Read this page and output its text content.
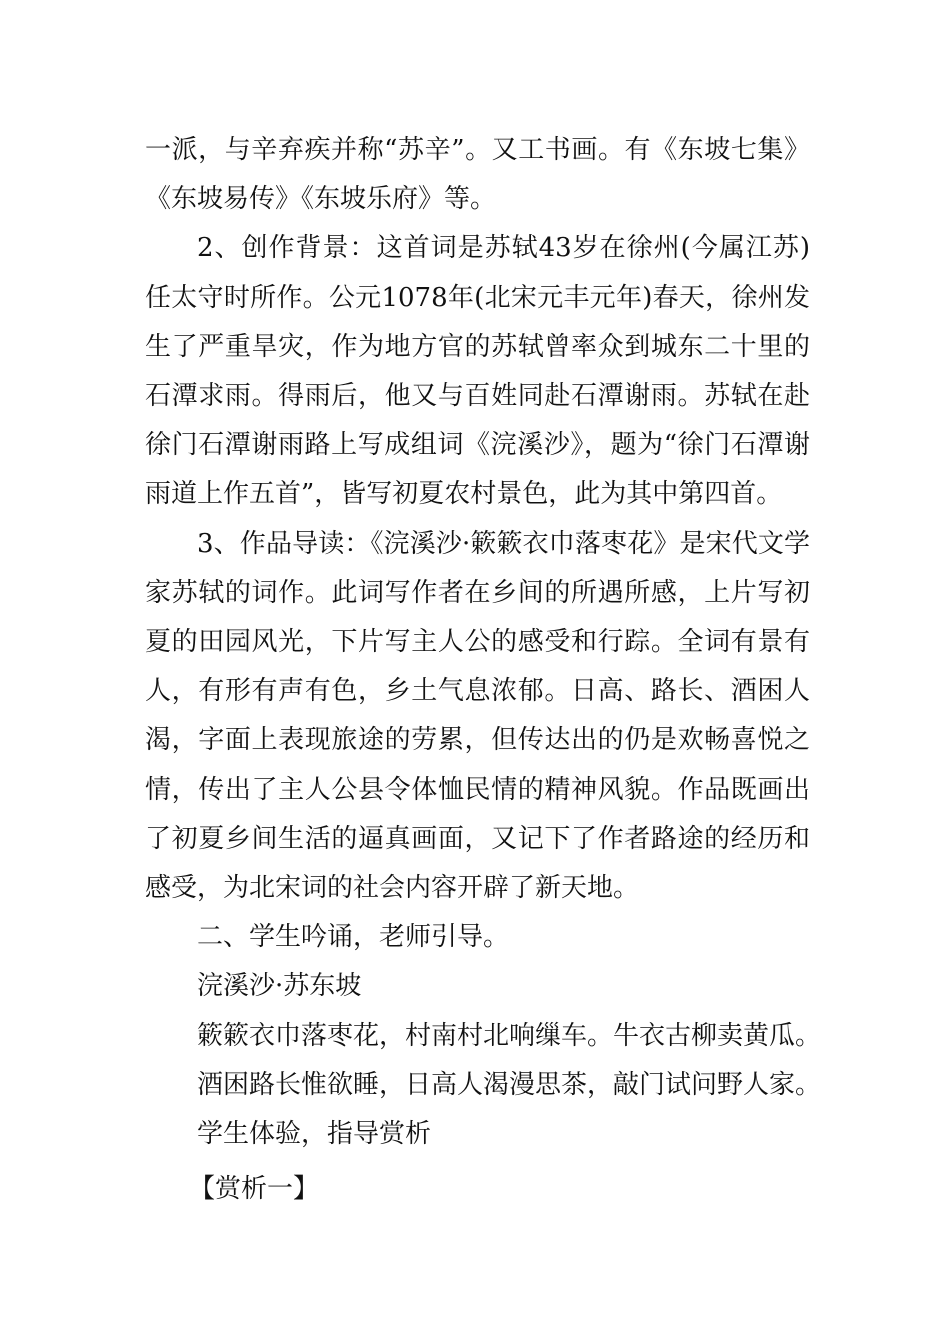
一派，与辛弃疾并称“苏辛”。又工书画。有《东坡七集》《东坡易传》《东坡乐府》等。

2、创作背景：这首词是苏轼43岁在徐州(今属江苏)任太守时所作。公元1078年(北宋元丰元年)春天，徐州发生了严重旱灾，作为地方官的苏轼曾率众到城东二十里的石潭求雨。得雨后，他又与百姓同赴石潭谢雨。苏轼在赴徐门石潭谢雨路上写成组词《浣溪沙》，题为“徐门石潭谢雨道上作五首”，皆写初夏农村景色，此为其中第四首。

3、作品导读：《浣溪沙·簌簌衣巾落枣花》是宋代文学家苏轼的词作。此词写作者在乡间的所遇所感，上片写初夏的田园风光，下片写主人公的感受和行踪。全词有景有人，有形有声有色，乡土气息浓郁。日高、路长、酒困人渴，字面上表现旅途的劳累，但传达出的仍是欢畅喜悦之情，传出了主人公县令体恤民情的精神风貌。作品既画出了初夏乡间生活的逼真画面，又记下了作者路途的经历和感受，为北宋词的社会内容开辟了新天地。

二、学生吟诵，老师引导。

浣溪沙·苏东坡

簌簌衣巾落枣花，村南村北响缫车。牛衣古柳卖黄瓜。

酒困路长惟欲睡，日高人渴漫思茶，敲门试问野人家。

学生体验，指导赏析

【赏析一】
